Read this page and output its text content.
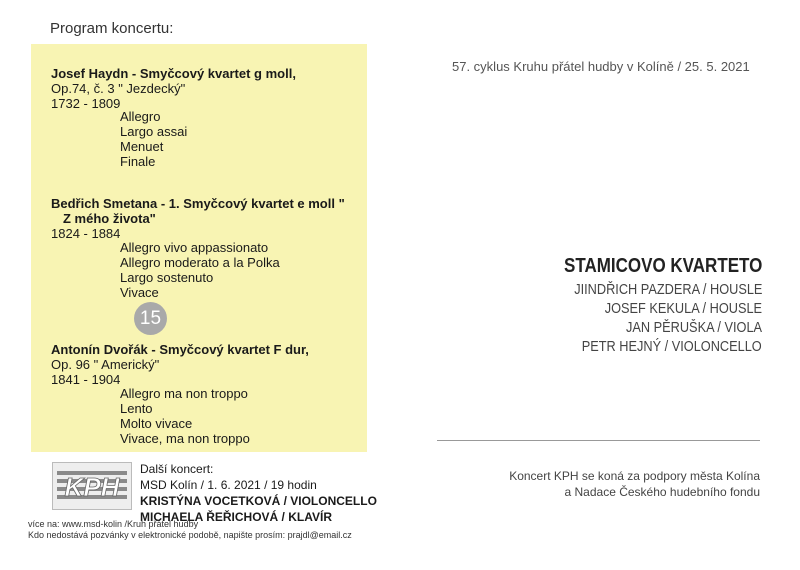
Program koncertu:
Josef Haydn - Smyčcový kvartet g moll,
Op.74, č. 3 " Jezdecký"
1732 - 1809
Allegro
Largo assai
Menuet
Finale
Bedřich Smetana - 1. Smyčcový kvartet e moll "
Z mého života"
1824 - 1884
Allegro vivo appassionato
Allegro moderato a la Polka
Largo sostenuto
Vivace
15
Antonín Dvořák - Smyčcový kvartet F dur,
Op. 96 " Americký"
1841 - 1904
Allegro ma non troppo
Lento
Molto vivace
Vivace, ma non troppo
57. cyklus Kruhu přátel hudby v Kolíně / 25. 5. 2021
STAMICOVO KVARTETO
JIINDŘICH PAZDERA / HOUSLE
JOSEF KEKULA / HOUSLE
JAN PĚRUŠKA / VIOLA
PETR HEJNÝ / VIOLONCELLO
Koncert KPH se koná za podpory města Kolína
a Nadace Českého hudebního fondu
KPH
Další koncert:
MSD Kolín / 1. 6. 2021 / 19 hodin
KRISTÝNA VOCETKOVÁ / VIOLONCELLO
MICHAELA ŘEŘICHOVÁ / KLAVÍR
více na: www.msd-kolin /Kruh přátel hudby
Kdo nedostává pozvánky v elektronické podobě, napište prosím: prajdl@email.cz
